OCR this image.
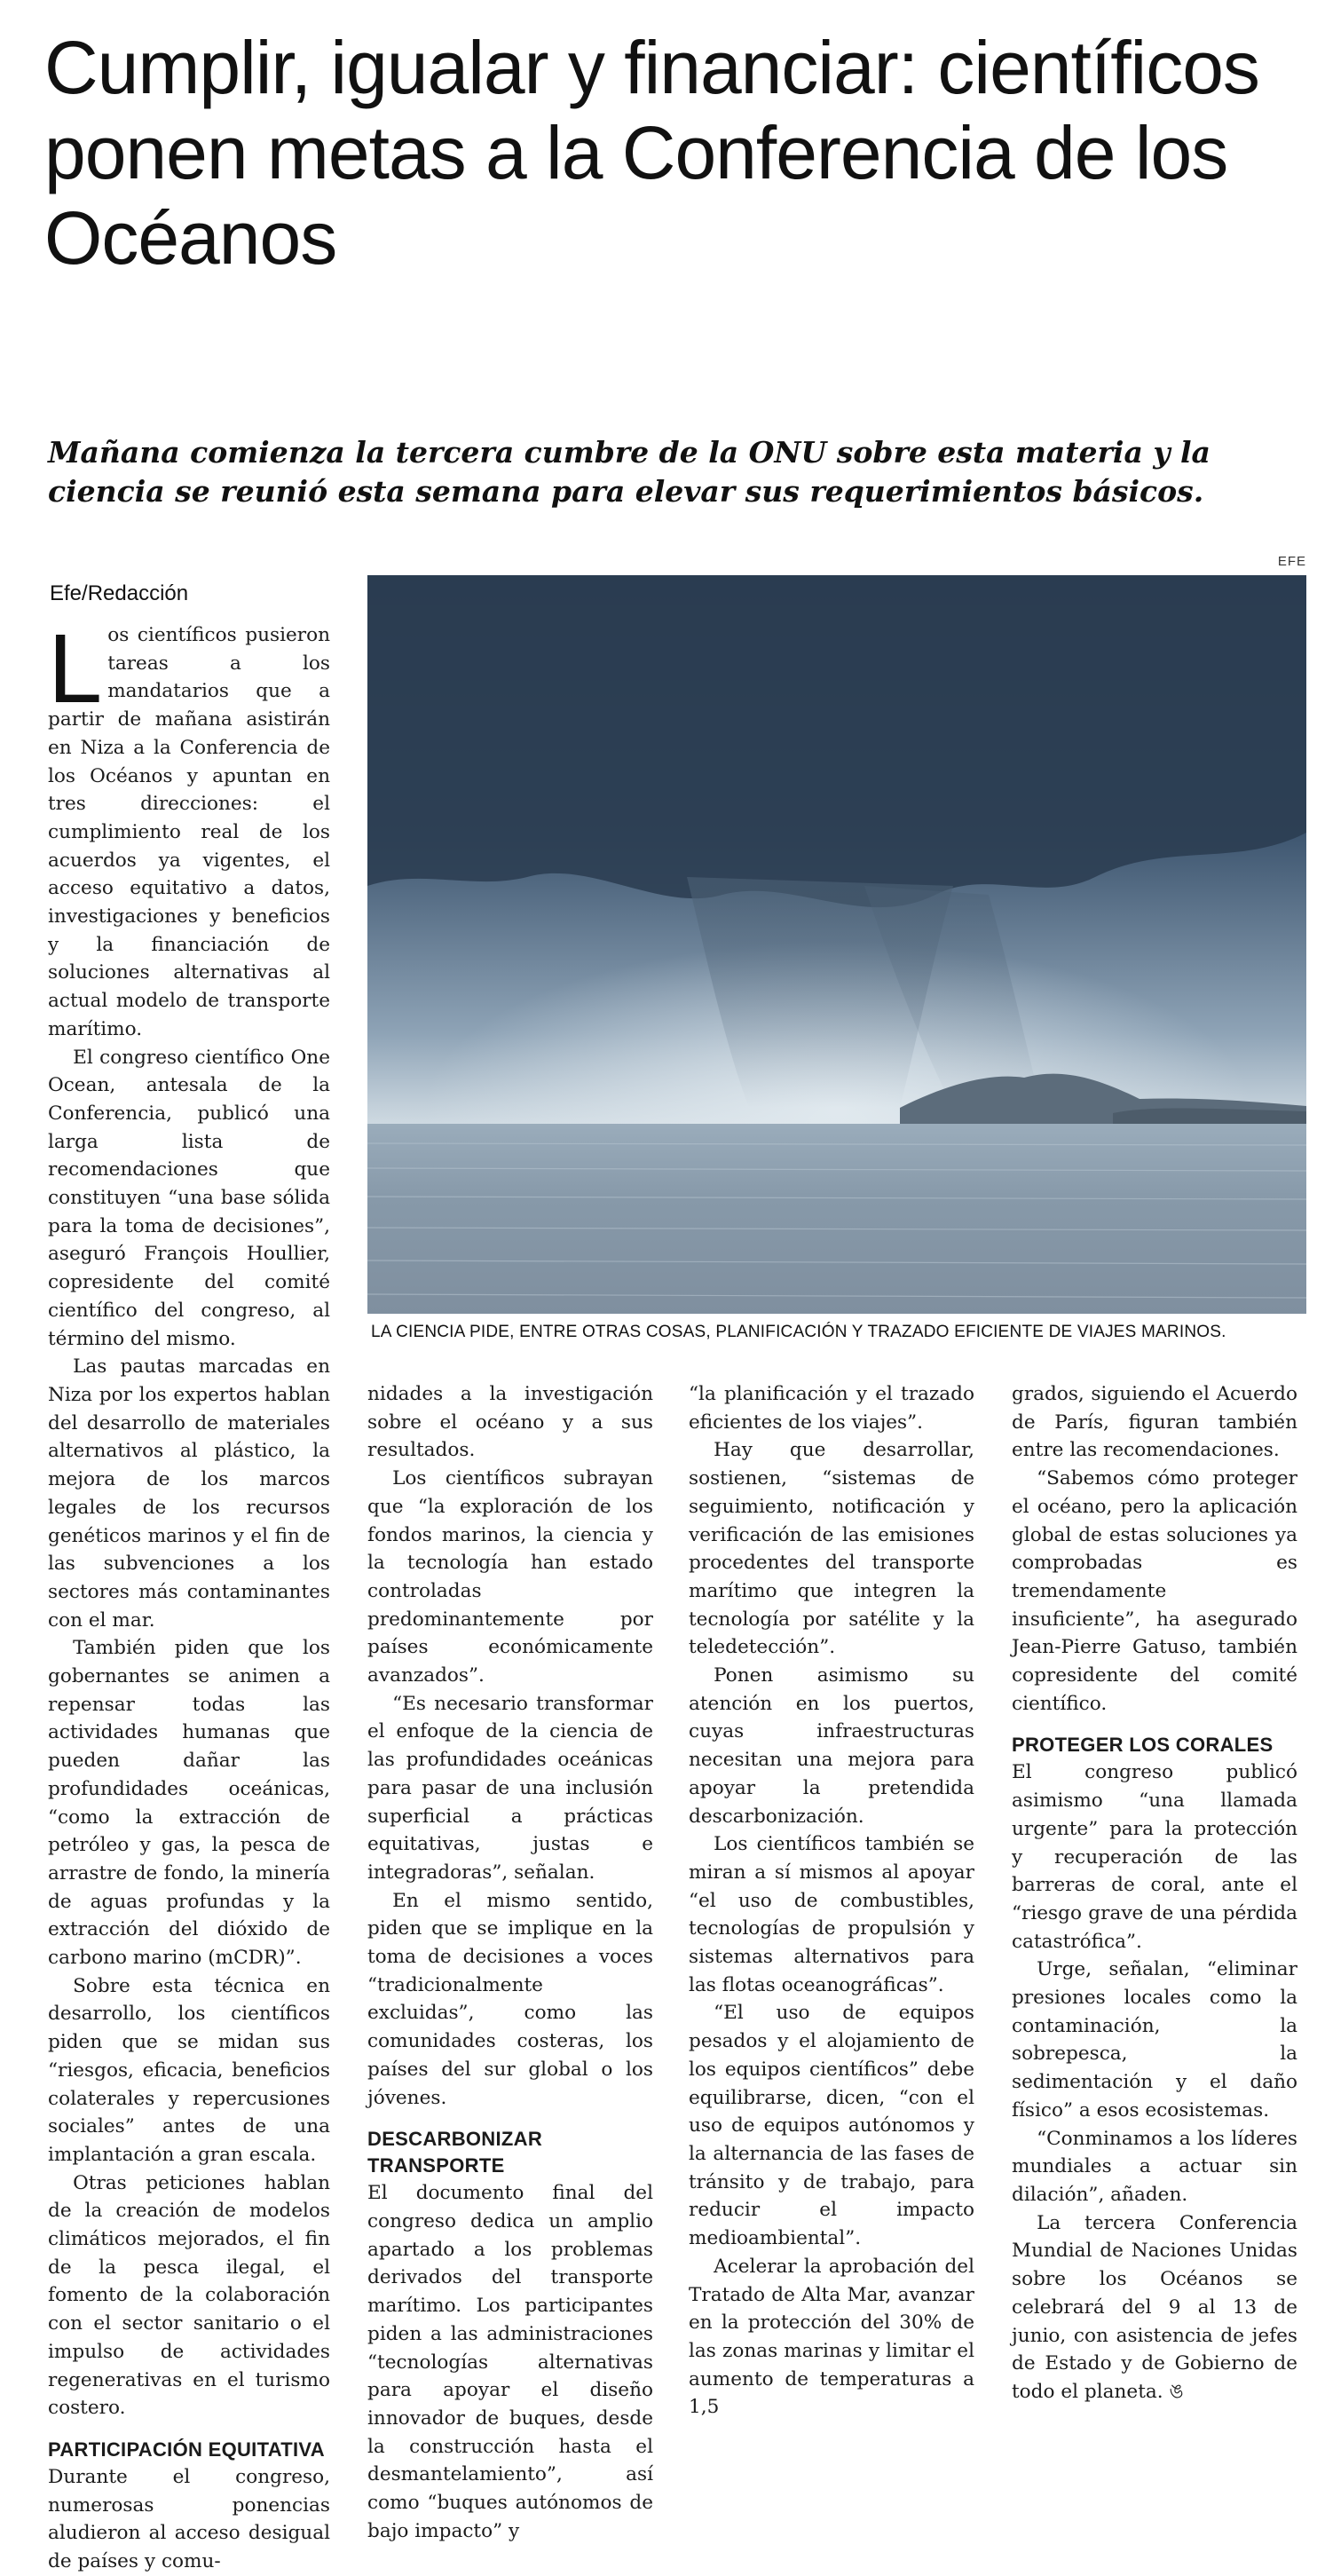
Cumplir, igualar y financiar: científicos ponen metas a la Conferencia de los Océanos

Mañana comienza la tercera cumbre de la ONU sobre esta materia y la ciencia se reunió esta semana para elevar sus requerimientos básicos.

Efe/Redacción
EFE
LA CIENCIA PIDE, ENTRE OTRAS COSAS, PLANIFICACIÓN Y TRAZADO EFICIENTE DE VIAJES MARINOS.

Los científicos pusieron tareas a los mandatarios que a partir de mañana asistirán en Niza a la Conferencia de los Océanos y apuntan en tres direcciones: el cumplimiento real de los acuerdos ya vigentes, el acceso equitativo a datos, investigaciones y beneficios y la financiación de soluciones alternativas al actual modelo de transporte marítimo.

El congreso científico One Ocean, antesala de la Conferencia, publicó una larga lista de recomendaciones que constituyen “una base sólida para la toma de decisiones”, aseguró François Houllier, copresidente del comité científico del congreso, al término del mismo.

Las pautas marcadas en Niza por los expertos hablan del desarrollo de materiales alternativos al plástico, la mejora de los marcos legales de los recursos genéticos marinos y el fin de las subvenciones a los sectores más contaminantes con el mar.

También piden que los gobernantes se animen a repensar todas las actividades humanas que pueden dañar las profundidades oceánicas, “como la extracción de petróleo y gas, la pesca de arrastre de fondo, la minería de aguas profundas y la extracción del dióxido de carbono marino (mCDR)”.

Sobre esta técnica en desarrollo, los científicos piden que se midan sus “riesgos, eficacia, beneficios colaterales y repercusiones sociales” antes de una implantación a gran escala.

Otras peticiones hablan de la creación de modelos climáticos mejorados, el fin de la pesca ilegal, el fomento de la colaboración con el sector sanitario o el impulso de actividades regenerativas en el turismo costero.

PARTICIPACIÓN EQUITATIVA

Durante el congreso, numerosas ponencias aludieron al acceso desigual de países y comu-

nidades a la investigación sobre el océano y a sus resultados.

Los científicos subrayan que “la exploración de los fondos marinos, la ciencia y la tecnología han estado controladas predominantemente por países económicamente avanzados”.

“Es necesario transformar el enfoque de la ciencia de las profundidades oceánicas para pasar de una inclusión superficial a prácticas equitativas, justas e integradoras”, señalan.

En el mismo sentido, piden que se implique en la toma de decisiones a voces “tradicionalmente excluidas”, como las comunidades costeras, los países del sur global o los jóvenes.

DESCARBONIZAR TRANSPORTE

El documento final del congreso dedica un amplio apartado a los problemas derivados del transporte marítimo. Los participantes piden a las administraciones “tecnologías alternativas para apoyar el diseño innovador de buques, desde la construcción hasta el desmantelamiento”, así como “buques autónomos de bajo impacto” y

“la planificación y el trazado eficientes de los viajes”.

Hay que desarrollar, sostienen, “sistemas de seguimiento, notificación y verificación de las emisiones procedentes del transporte marítimo que integren la tecnología por satélite y la teledetección”.

Ponen asimismo su atención en los puertos, cuyas infraestructuras necesitan una mejora para apoyar la pretendida descarbonización.

Los científicos también se miran a sí mismos al apoyar “el uso de combustibles, tecnologías de propulsión y sistemas alternativos para las flotas oceanográficas”.

“El uso de equipos pesados y el alojamiento de los equipos científicos” debe equilibrarse, dicen, “con el uso de equipos autónomos y la alternancia de las fases de tránsito y de trabajo, para reducir el impacto medioambiental”.

Acelerar la aprobación del Tratado de Alta Mar, avanzar en la protección del 30% de las zonas marinas y limitar el aumento de temperaturas a 1,5

grados, siguiendo el Acuerdo de París, figuran también entre las recomendaciones.

“Sabemos cómo proteger el océano, pero la aplicación global de estas soluciones ya comprobadas es tremendamente insuficiente”, ha asegurado Jean-Pierre Gatuso, también copresidente del comité científico.

PROTEGER LOS CORALES

El congreso publicó asimismo “una llamada urgente” para la protección y recuperación de las barreras de coral, ante el “riesgo grave de una pérdida catastrófica”.

Urge, señalan, “eliminar presiones locales como la contaminación, la sobrepesca, la sedimentación y el daño físico” a esos ecosistemas.

“Conminamos a los líderes mundiales a actuar sin dilación”, añaden.

La tercera Conferencia Mundial de Naciones Unidas sobre los Océanos se celebrará del 9 al 13 de junio, con asistencia de jefes de Estado y de Gobierno de todo el planeta. ঙ
